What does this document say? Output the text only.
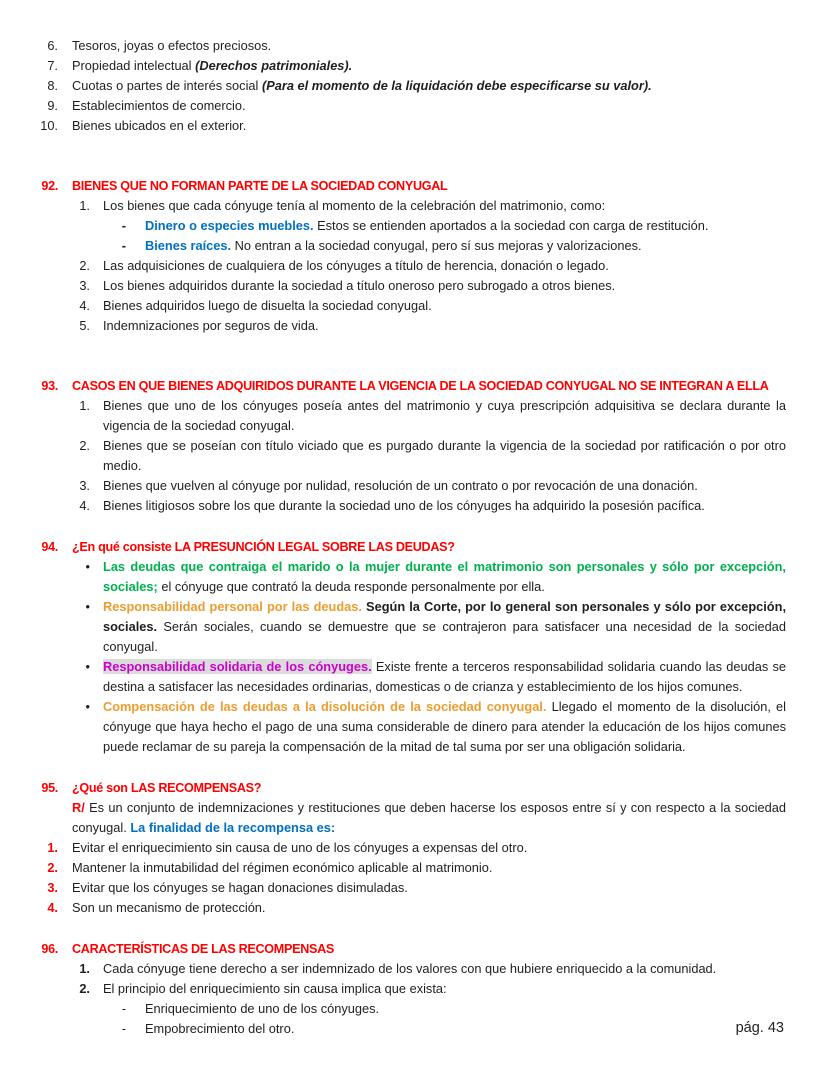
6. Tesoros, joyas o efectos preciosos.
7. Propiedad intelectual (Derechos patrimoniales).
8. Cuotas o partes de interés social (Para el momento de la liquidación debe especificarse su valor).
9. Establecimientos de comercio.
10. Bienes ubicados en el exterior.
92. BIENES QUE NO FORMAN PARTE DE LA SOCIEDAD CONYUGAL
1. Los bienes que cada cónyuge tenía al momento de la celebración del matrimonio, como:
- Dinero o especies muebles. Estos se entienden aportados a la sociedad con carga de restitución.
- Bienes raíces. No entran a la sociedad conyugal, pero sí sus mejoras y valorizaciones.
2. Las adquisiciones de cualquiera de los cónyuges a título de herencia, donación o legado.
3. Los bienes adquiridos durante la sociedad a título oneroso pero subrogado a otros bienes.
4. Bienes adquiridos luego de disuelta la sociedad conyugal.
5. Indemnizaciones por seguros de vida.
93. CASOS EN QUE BIENES ADQUIRIDOS DURANTE LA VIGENCIA DE LA SOCIEDAD CONYUGAL NO SE INTEGRAN A ELLA
1. Bienes que uno de los cónyuges poseía antes del matrimonio y cuya prescripción adquisitiva se declara durante la vigencia de la sociedad conyugal.
2. Bienes que se poseían con título viciado que es purgado durante la vigencia de la sociedad por ratificación o por otro medio.
3. Bienes que vuelven al cónyuge por nulidad, resolución de un contrato o por revocación de una donación.
4. Bienes litigiosos sobre los que durante la sociedad uno de los cónyuges ha adquirido la posesión pacífica.
94. ¿En qué consiste LA PRESUNCIÓN LEGAL SOBRE LAS DEUDAS?
• Las deudas que contraiga el marido o la mujer durante el matrimonio son personales y sólo por excepción, sociales; el cónyuge que contrató la deuda responde personalmente por ella.
• Responsabilidad personal por las deudas. Según la Corte, por lo general son personales y sólo por excepción, sociales. Serán sociales, cuando se demuestre que se contrajeron para satisfacer una necesidad de la sociedad conyugal.
• Responsabilidad solidaria de los cónyuges. Existe frente a terceros responsabilidad solidaria cuando las deudas se destina a satisfacer las necesidades ordinarias, domesticas o de crianza y establecimiento de los hijos comunes.
• Compensación de las deudas a la disolución de la sociedad conyugal. Llegado el momento de la disolución, el cónyuge que haya hecho el pago de una suma considerable de dinero para atender la educación de los hijos comunes puede reclamar de su pareja la compensación de la mitad de tal suma por ser una obligación solidaria.
95. ¿Qué son LAS RECOMPENSAS?
R/ Es un conjunto de indemnizaciones y restituciones que deben hacerse los esposos entre sí y con respecto a la sociedad conyugal. La finalidad de la recompensa es:
1. Evitar el enriquecimiento sin causa de uno de los cónyuges a expensas del otro.
2. Mantener la inmutabilidad del régimen económico aplicable al matrimonio.
3. Evitar que los cónyuges se hagan donaciones disimuladas.
4. Son un mecanismo de protección.
96. CARACTERÍSTICAS DE LAS RECOMPENSAS
1. Cada cónyuge tiene derecho a ser indemnizado de los valores con que hubiere enriquecido a la comunidad.
2. El principio del enriquecimiento sin causa implica que exista:
- Enriquecimiento de uno de los cónyuges.
- Empobrecimiento del otro.	pág. 43
